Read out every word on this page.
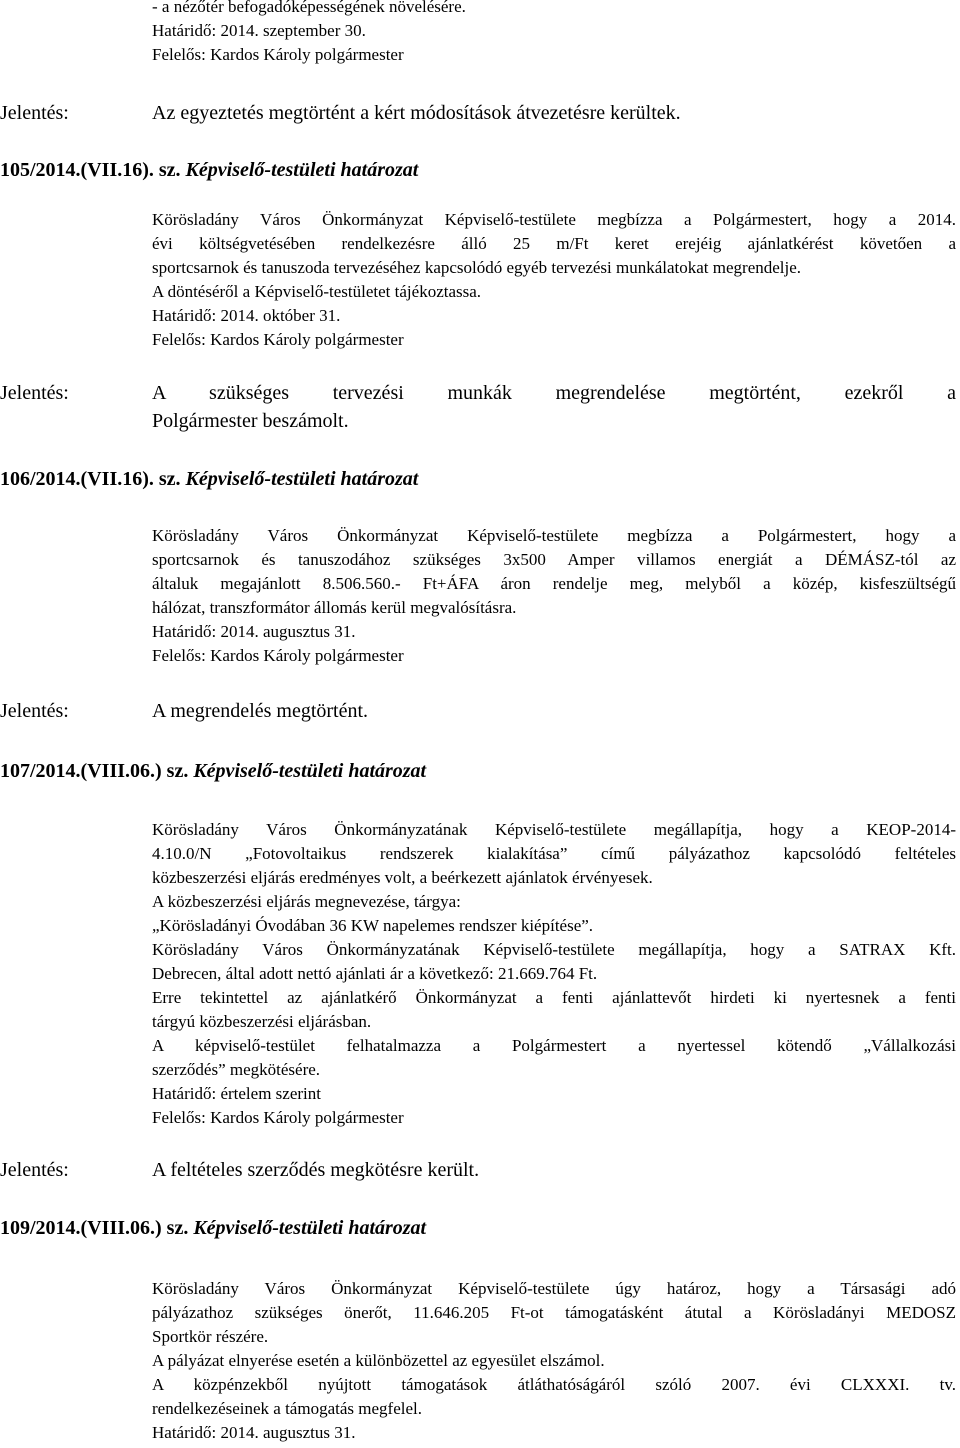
- a nézőtér befogadóképességének növelésére.
Határidő: 2014. szeptember 30.
Felelős: Kardos Károly polgármester
Jelentés:	Az egyeztetés megtörtént a kért módosítások átvezetésre kerültek.
105/2014.(VII.16). sz. Képviselő-testületi határozat
Körösladány Város Önkormányzat Képviselő-testülete megbízza a Polgármestert, hogy a 2014.
évi költségvetésében rendelkezésre álló 25 m/Ft keret erejéig ajánlatkérést követően a
sportcsarnok és tanuszoda tervezéséhez kapcsolódó egyéb tervezési munkálatokat megrendelje.
A döntéséről a Képviselő-testületet tájékoztassa.
Határidő: 2014. október 31.
Felelős: Kardos Károly polgármester
Jelentés:	A szükséges tervezési munkák megrendelése megtörtént, ezekről a
Polgármester beszámolt.
106/2014.(VII.16). sz. Képviselő-testületi határozat
Körösladány Város Önkormányzat Képviselő-testülete megbízza a Polgármestert, hogy a
sportcsarnok és tanuszodához szükséges 3x500 Amper villamos energiát a DÉMÁSZ-tól az
általuk megajánlott 8.506.560.- Ft+ÁFA áron rendelje meg, melyből a közép, kisfeszültségű
hálózat, transzformátor állomás kerül megvalósításra.
Határidő: 2014. augusztus 31.
Felelős: Kardos Károly polgármester
Jelentés:	A megrendelés megtörtént.
107/2014.(VIII.06.) sz. Képviselő-testületi határozat
Körösladány Város Önkormányzatának Képviselő-testülete megállapítja, hogy a KEOP-2014-
4.10.0/N „Fotovoltaikus rendszerek kialakítása” című pályázathoz kapcsolódó feltételes
közbeszerzési eljárás eredményes volt, a beérkezett ajánlatok érvényesek.
A közbeszerzési eljárás megnevezése, tárgya:
„Körösladányi Óvodában 36 KW napelemes rendszer kiépítése”.
Körösladány Város Önkormányzatának Képviselő-testülete megállapítja, hogy a SATRAX Kft.
Debrecen, által adott nettó ajánlati ár a következő: 21.669.764 Ft.
Erre tekintettel az ajánlatkérő Önkormányzat a fenti ajánlattevőt hirdeti ki nyertesnek a fenti
tárgyú közbeszerzési eljárásban.
A képviselő-testület felhatalmazza a Polgármestert a nyertessel kötendő „Vállalkozási
szerződés” megkötésére.
Határidő: értelem szerint
Felelős: Kardos Károly polgármester
Jelentés:	A feltételes szerződés megkötésre került.
109/2014.(VIII.06.) sz. Képviselő-testületi határozat
Körösladány Város Önkormányzat Képviselő-testülete úgy határoz, hogy a Társasági adó
pályázathoz szükséges önerőt, 11.646.205 Ft-ot támogatásként átutal a Körösladányi MEDOSZ
Sportkör részére.
A pályázat elnyerése esetén a különbözettel az egyesület elszámol.
A közpénzekből nyújtott támogatások átláthatóságáról szóló 2007. évi CLXXXI. tv.
rendelkezéseinek a támogatás megfelel.
Határidő: 2014. augusztus 31.
